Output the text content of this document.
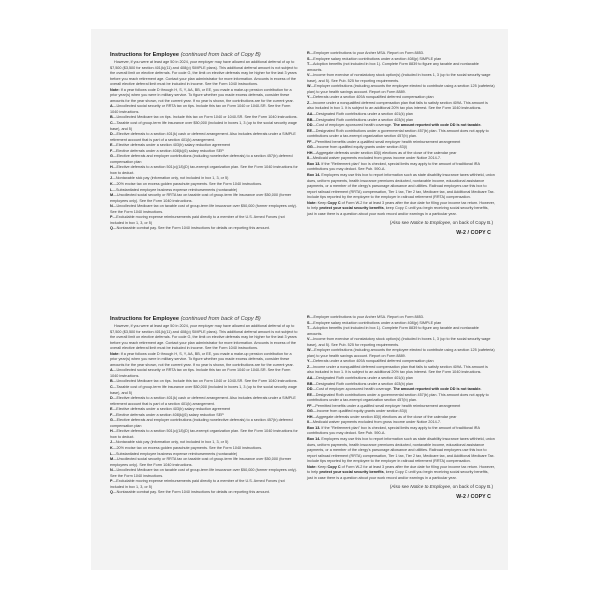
Instructions for Employee (continued from back of Copy B)

However, if you were at least age 50 in 2024, your employer may have allowed an additional deferral of up to $7,500 ($3,500 for section 401(k)(11) and 408(p) SIMPLE plans). This additional deferral amount is not subject to the overall limit on elective deferrals. For code G, the limit on elective deferrals may be higher for the last 3 years before you reach retirement age. Contact your plan administrator for more information. Amounts in excess of the overall elective deferral limit must be included in income. See the Form 1040 instructions.

Note: If a year follows code D through H, S, Y, AA, BB, or EE, you made a make-up pension contribution for a prior year(s) when you were in military service. To figure whether you made excess deferrals, consider these amounts for the year shown, not the current year. If no year is shown, the contributions are for the current year.

A—Uncollected social security or RRTA tax on tips. Include this tax on Form 1040 or 1040-SR. See the Form 1040 instructions.

B—Uncollected Medicare tax on tips. Include this tax on Form 1040 or 1040-SR. See the Form 1040 instructions.

C—Taxable cost of group-term life insurance over $50,000 (included in boxes 1, 3 (up to the social security wage base), and 5)

D—Elective deferrals to a section 401(k) cash or deferred arrangement. Also includes deferrals under a SIMPLE retirement account that is part of a section 401(k) arrangement.

E—Elective deferrals under a section 403(b) salary reduction agreement

F—Elective deferrals under a section 408(k)(6) salary reduction SEP

G—Elective deferrals and employer contributions (including nonelective deferrals) to a section 457(b) deferred compensation plan

H—Elective deferrals to a section 501(c)(18)(D) tax-exempt organization plan. See the Form 1040 instructions for how to deduct.

J—Nontaxable sick pay (information only, not included in box 1, 3, or 5)

K—20% excise tax on excess golden parachute payments. See the Form 1040 instructions.

L—Substantiated employee business expense reimbursements (nontaxable)

M—Uncollected social security or RRTA tax on taxable cost of group-term life insurance over $50,000 (former employees only). See the Form 1040 instructions.

N—Uncollected Medicare tax on taxable cost of group-term life insurance over $50,000 (former employees only). See the Form 1040 instructions.

P—Excludable moving expense reimbursements paid directly to a member of the U.S. Armed Forces (not included in box 1, 3, or 5)

Q—Nontaxable combat pay. See the Form 1040 instructions for details on reporting this amount.

R—Employer contributions to your Archer MSA. Report on Form 8853.

S—Employee salary reduction contributions under a section 408(p) SIMPLE plan

T—Adoption benefits (not included in box 1). Complete Form 8839 to figure any taxable and nontaxable amounts.

V—Income from exercise of nonstatutory stock option(s) (included in boxes 1, 3 (up to the social security wage base), and 5). See Pub. 525 for reporting requirements.

W—Employer contributions (including amounts the employee elected to contribute using a section 125 (cafeteria) plan) to your health savings account. Report on Form 8889.

Y—Deferrals under a section 409A nonqualified deferred compensation plan

Z—Income under a nonqualified deferred compensation plan that fails to satisfy section 409A. This amount is also included in box 1. It is subject to an additional 20% tax plus interest. See the Form 1040 instructions.

AA—Designated Roth contributions under a section 401(k) plan

BB—Designated Roth contributions under a section 403(b) plan

DD—Cost of employer-sponsored health coverage. The amount reported with code DD is not taxable.

EE—Designated Roth contributions under a governmental section 457(b) plan. This amount does not apply to contributions under a tax-exempt organization section 457(b) plan.

FF—Permitted benefits under a qualified small employer health reimbursement arrangement

GG—Income from qualified equity grants under section 83(i)

HH—Aggregate deferrals under section 83(i) elections as of the close of the calendar year

II—Medicaid waiver payments excluded from gross income under Notice 2014-7.

Box 13. If the "Retirement plan" box is checked, special limits may apply to the amount of traditional IRA contributions you may deduct. See Pub. 590-A.

Box 14. Employers may use this box to report information such as state disability insurance taxes withheld, union dues, uniform payments, health insurance premiums deducted, nontaxable income, educational assistance payments, or a member of the clergy's parsonage allowance and utilities. Railroad employers use this box to report railroad retirement (RRTA) compensation, Tier 1 tax, Tier 2 tax, Medicare tax, and Additional Medicare Tax. Include tips reported by the employee to the employer in railroad retirement (RRTA) compensation.

Note: Keep Copy C of Form W-2 for at least 3 years after the due date for filing your income tax return. However, to help protect your social security benefits, keep Copy C until you begin receiving social security benefits, just in case there is a question about your work record and/or earnings in a particular year.

(Also see Notice to Employee, on back of Copy B.)
W-2 / COPY C
Instructions for Employee (continued from back of Copy B)

However, if you were at least age 50 in 2024, your employer may have allowed an additional deferral of up to $7,500 ($3,500 for section 401(k)(11) and 408(p) SIMPLE plans). This additional deferral amount is not subject to the overall limit on elective deferrals. For code G, the limit on elective deferrals may be higher for the last 3 years before you reach retirement age. Contact your plan administrator for more information. Amounts in excess of the overall elective deferral limit must be included in income. See the Form 1040 instructions.

Note: If a year follows code D through H, S, Y, AA, BB, or EE, you made a make-up pension contribution for a prior year(s) when you were in military service. To figure whether you made excess deferrals, consider these amounts for the year shown, not the current year. If no year is shown, the contributions are for the current year.

A—Uncollected social security or RRTA tax on tips. Include this tax on Form 1040 or 1040-SR. See the Form 1040 instructions.

B—Uncollected Medicare tax on tips. Include this tax on Form 1040 or 1040-SR. See the Form 1040 instructions.

C—Taxable cost of group-term life insurance over $50,000 (included in boxes 1, 3 (up to the social security wage base), and 5)

D—Elective deferrals to a section 401(k) cash or deferred arrangement. Also includes deferrals under a SIMPLE retirement account that is part of a section 401(k) arrangement.

E—Elective deferrals under a section 403(b) salary reduction agreement

F—Elective deferrals under a section 408(k)(6) salary reduction SEP

G—Elective deferrals and employer contributions (including nonelective deferrals) to a section 457(b) deferred compensation plan

H—Elective deferrals to a section 501(c)(18)(D) tax-exempt organization plan. See the Form 1040 instructions for how to deduct.

J—Nontaxable sick pay (information only, not included in box 1, 3, or 5)

K—20% excise tax on excess golden parachute payments. See the Form 1040 instructions.

L—Substantiated employee business expense reimbursements (nontaxable)

M—Uncollected social security or RRTA tax on taxable cost of group-term life insurance over $50,000 (former employees only). See the Form 1040 instructions.

N—Uncollected Medicare tax on taxable cost of group-term life insurance over $50,000 (former employees only). See the Form 1040 instructions.

P—Excludable moving expense reimbursements paid directly to a member of the U.S. Armed Forces (not included in box 1, 3, or 5)

Q—Nontaxable combat pay. See the Form 1040 instructions for details on reporting this amount.

R—Employer contributions to your Archer MSA. Report on Form 8853.

S—Employee salary reduction contributions under a section 408(p) SIMPLE plan

T—Adoption benefits (not included in box 1). Complete Form 8839 to figure any taxable and nontaxable amounts.

V—Income from exercise of nonstatutory stock option(s) (included in boxes 1, 3 (up to the social security wage base), and 5). See Pub. 525 for reporting requirements.

W—Employer contributions (including amounts the employee elected to contribute using a section 125 (cafeteria) plan) to your health savings account. Report on Form 8889.

Y—Deferrals under a section 409A nonqualified deferred compensation plan

Z—Income under a nonqualified deferred compensation plan that fails to satisfy section 409A. This amount is also included in box 1. It is subject to an additional 20% tax plus interest. See the Form 1040 instructions.

AA—Designated Roth contributions under a section 401(k) plan

BB—Designated Roth contributions under a section 403(b) plan

DD—Cost of employer-sponsored health coverage. The amount reported with code DD is not taxable.

EE—Designated Roth contributions under a governmental section 457(b) plan. This amount does not apply to contributions under a tax-exempt organization section 457(b) plan.

FF—Permitted benefits under a qualified small employer health reimbursement arrangement

GG—Income from qualified equity grants under section 83(i)

HH—Aggregate deferrals under section 83(i) elections as of the close of the calendar year

II—Medicaid waiver payments excluded from gross income under Notice 2014-7.

Box 13. If the "Retirement plan" box is checked, special limits may apply to the amount of traditional IRA contributions you may deduct. See Pub. 590-A.

Box 14. Employers may use this box to report information such as state disability insurance taxes withheld, union dues, uniform payments, health insurance premiums deducted, nontaxable income, educational assistance payments, or a member of the clergy's parsonage allowance and utilities. Railroad employers use this box to report railroad retirement (RRTA) compensation, Tier 1 tax, Tier 2 tax, Medicare tax, and Additional Medicare Tax. Include tips reported by the employee to the employer in railroad retirement (RRTA) compensation.

Note: Keep Copy C of Form W-2 for at least 3 years after the due date for filing your income tax return. However, to help protect your social security benefits, keep Copy C until you begin receiving social security benefits, just in case there is a question about your work record and/or earnings in a particular year.

(Also see Notice to Employee, on back of Copy B.)
W-2 / COPY C
